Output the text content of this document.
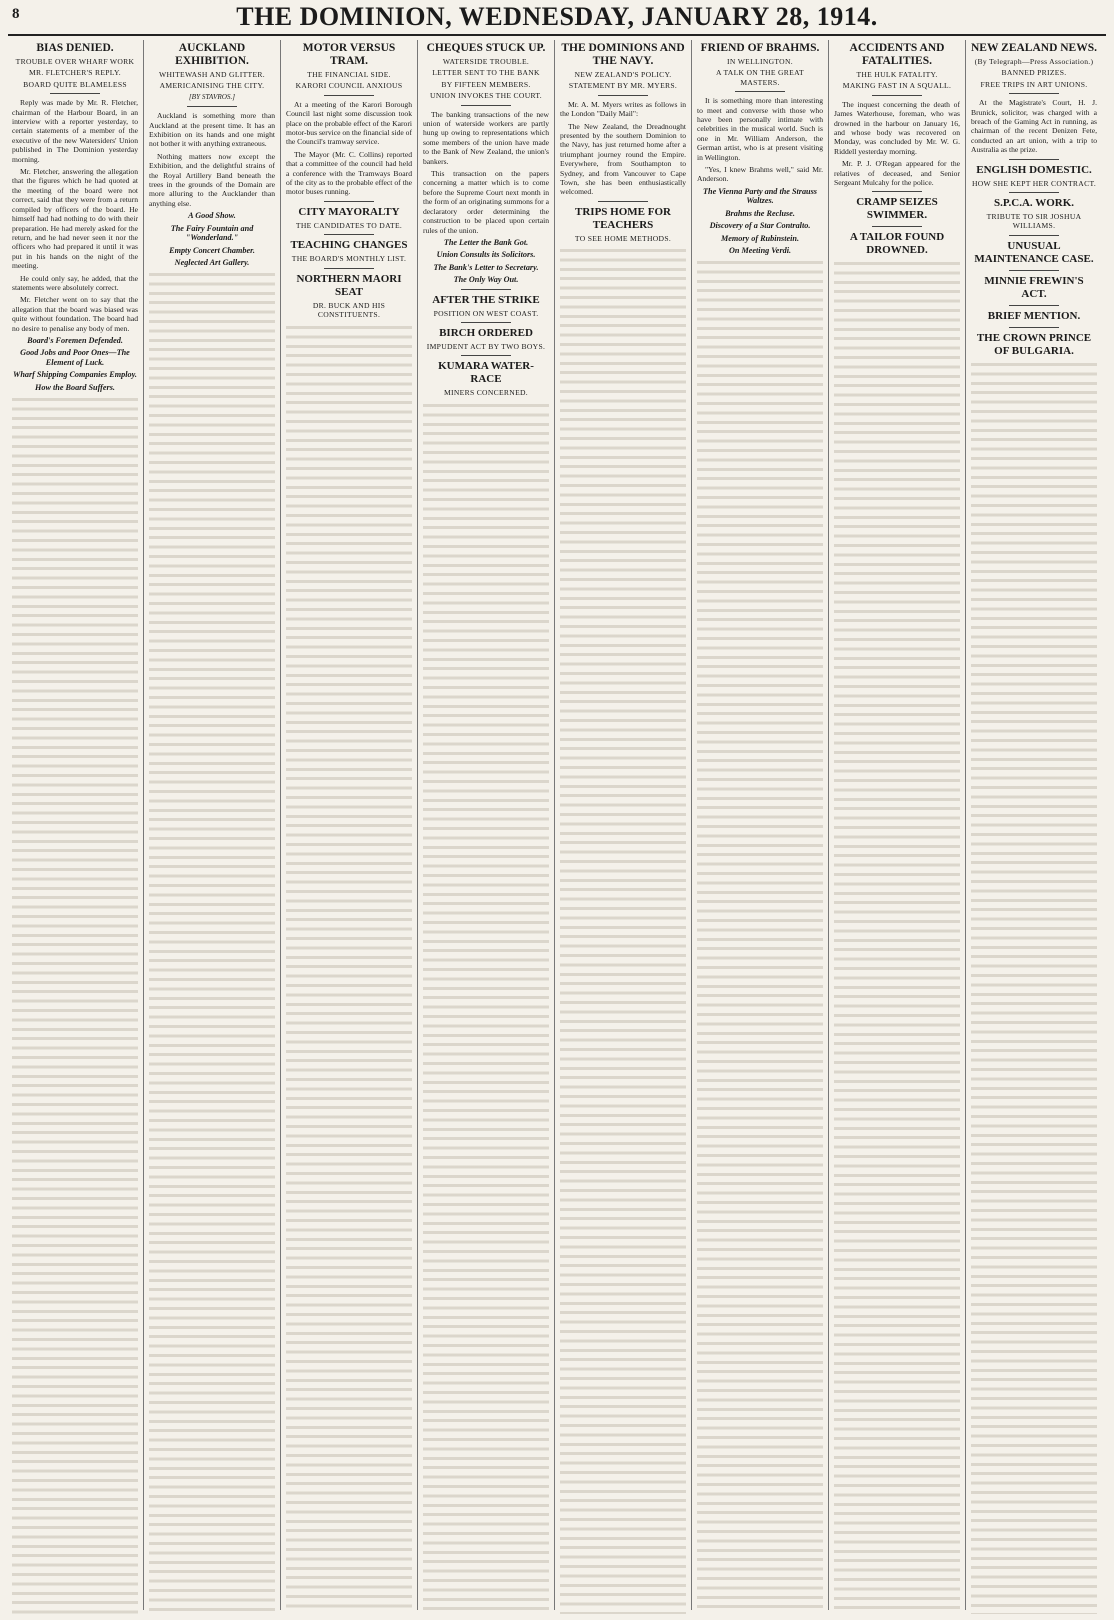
8	THE DOMINION, WEDNESDAY, JANUARY 28, 1914.
BIAS DENIED.
TROUBLE OVER WHARF WORK
MR. FLETCHER'S REPLY.
BOARD QUITE BLAMELESS

Reply was made by Mr. R. Fletcher, chairman of the Harbour Board, in an interview with a reporter yesterday, to certain statements of a member of the executive of the new Watersiders' Union published in The Dominion yesterday morning.

Mr. Fletcher, answering the allegation that the figures which he had quoted at the meeting of the board were not correct, said that they were from a return compiled by officers of the board. He himself had had nothing to do with their preparation. He had merely asked for the return, and he had never seen it nor the officers who had prepared it until it was put in his hands on the night of the meeting.

He could only say, he added, that the statements were absolutely correct.

Mr. Fletcher went on to say that the allegation that the board was biased was quite without foundation. The board had no desire to penalise any body of men.

Board's Foremen Defended.
Good Jobs and Poor Ones—The Element of Luck.
Wharf Shipping Companies Employ.
How the Board Suffers.
AUCKLAND EXHIBITION.
WHITEWASH AND GLITTER.
AMERICANISING THE CITY.
[BY STAVROS.]

Auckland is something more than Auckland at the present time. It has an Exhibition on its hands and one might not bother it with anything extraneous.

Nothing matters now except the Exhibition, and the delightful strains of the Royal Artillery Band beneath the trees in the grounds of the Domain are more alluring to the Aucklander than anything else.

A Good Show.
The Fairy Fountain and "Wonderland."
Empty Concert Chamber.
Neglected Art Gallery.
MOTOR VERSUS TRAM.
THE FINANCIAL SIDE.
KARORI COUNCIL ANXIOUS

At a meeting of the Karori Borough Council last night some discussion took place on the probable effect of the Karori motor-bus service on the financial side of the Council's tramway service.

The Mayor (Mr. C. Collins) reported that a committee of the council had held a conference with the Tramways Board of the city as to the probable effect of the motor buses running.

CITY MAYORALTY
THE CANDIDATES TO DATE.
TEACHING CHANGES
THE BOARD'S MONTHLY LIST.
NORTHERN MAORI SEAT
DR. BUCK AND HIS CONSTITUENTS.
CHEQUES STUCK UP.
WATERSIDE TROUBLE.
LETTER SENT TO THE BANK
BY FIFTEEN MEMBERS.
UNION INVOKES THE COURT.

The banking transactions of the new union of waterside workers are partly hung up owing to representations which some members of the union have made to the Bank of New Zealand, the union's bankers.

This transaction on the papers concerning a matter which is to come before the Supreme Court next month in the form of an originating summons for a declaratory order determining the construction to be placed upon certain rules of the union.

The Letter the Bank Got.
Union Consults its Solicitors.
The Bank's Letter to Secretary.
The Only Way Out.
AFTER THE STRIKE
POSITION ON WEST COAST.
BIRCH ORDERED
IMPUDENT ACT BY TWO BOYS.
KUMARA WATER-RACE
MINERS CONCERNED.
THE DOMINIONS AND THE NAVY.
NEW ZEALAND'S POLICY.
STATEMENT BY MR. MYERS.

Mr. A. M. Myers writes as follows in the London "Daily Mail":

The New Zealand, the Dreadnought presented by the southern Dominion to the Navy, has just returned home after a triumphant journey round the Empire. Everywhere, from Southampton to Sydney, and from Vancouver to Cape Town, she has been enthusiastically welcomed.

TRIPS HOME FOR TEACHERS
TO SEE HOME METHODS.
FRIEND OF BRAHMS.
IN WELLINGTON.
A TALK ON THE GREAT MASTERS.

It is something more than interesting to meet and converse with those who have been personally intimate with celebrities in the musical world. Such is one in Mr. William Anderson, the German artist, who is at present visiting in Wellington.

"Yes, I knew Brahms well," said Mr. Anderson.

The Vienna Party and the Strauss Waltzes.
Brahms the Recluse.
Discovery of a Star Contralto.
Memory of Rubinstein.
On Meeting Verdi.
ACCIDENTS AND FATALITIES.
THE HULK FATALITY.
MAKING FAST IN A SQUALL.

The inquest concerning the death of James Waterhouse, foreman, who was drowned in the harbour on January 16, and whose body was recovered on Monday, was concluded by Mr. W. G. Riddell yesterday morning.

Mr. P. J. O'Regan appeared for the relatives of deceased, and Senior Sergeant Mulcahy for the police.

CRAMP SEIZES SWIMMER.
A TAILOR FOUND DROWNED.
NEW ZEALAND NEWS.
(By Telegraph—Press Association.)
BANNED PRIZES.
FREE TRIPS IN ART UNIONS.

At the Magistrate's Court, H. J. Brunick, solicitor, was charged with a breach of the Gaming Act in running, as chairman of the recent Denizen Fete, conducted an art union, with a trip to Australia as the prize.

ENGLISH DOMESTIC.
HOW SHE KEPT HER CONTRACT.
S.P.C.A. WORK.
TRIBUTE TO SIR JOSHUA WILLIAMS.
UNUSUAL MAINTENANCE CASE.
MINNIE FREWIN'S ACT.
BRIEF MENTION.
THE CROWN PRINCE OF BULGARIA.
